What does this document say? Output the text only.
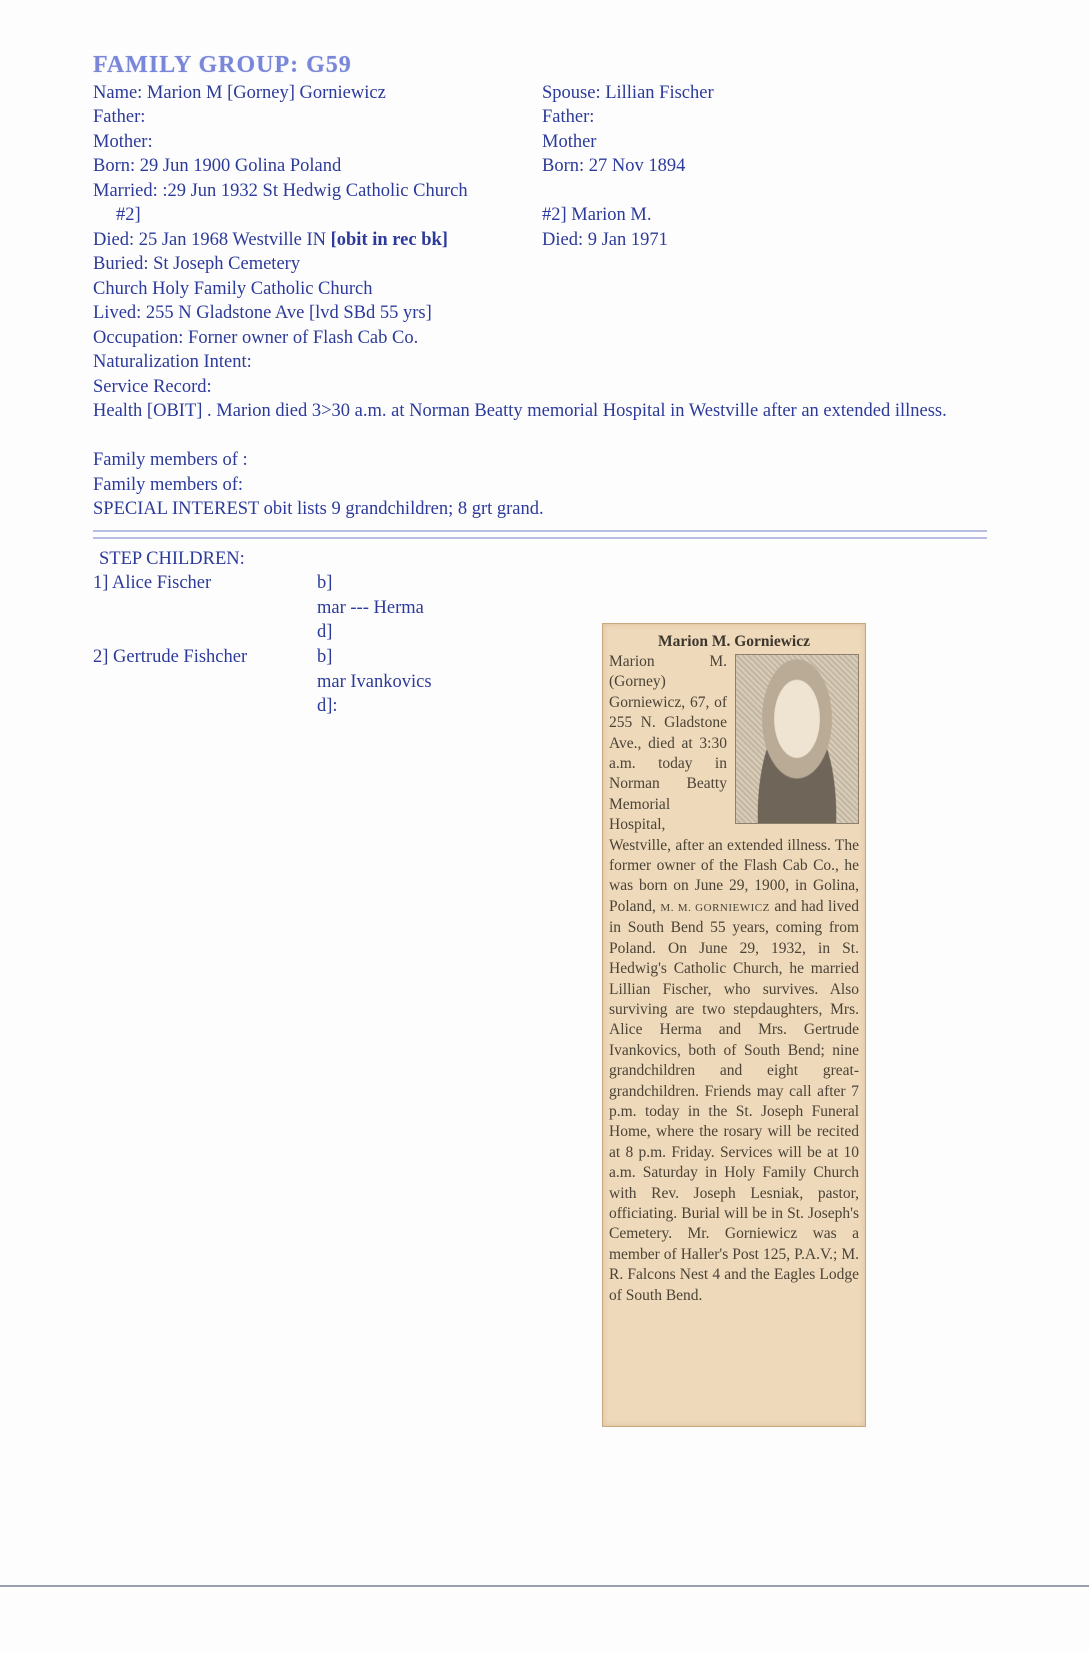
FAMILY GROUP: G59
Name: Marion M [Gorney] Gorniewicz
Father:
Mother:
Born: 29 Jun 1900 Golina Poland
Married: :29 Jun 1932 St Hedwig Catholic Church
#2]
Died: 25 Jan 1968 Westville IN [obit in rec bk]
Buried: St Joseph Cemetery
Church Holy Family Catholic Church
Lived: 255 N Gladstone Ave [lvd SBd 55 yrs]
Occupation: Forner owner of Flash Cab Co.
Naturalization Intent:
Service Record:
Health [OBIT] . Marion died 3>30 a.m. at Norman Beatty memorial Hospital in Westville after an extended illness.
Family members of :
Family members of:
SPECIAL INTEREST obit lists 9 grandchildren; 8 grt grand.
Spouse: Lillian Fischer
Father:
Mother
Born: 27 Nov 1894
#2] Marion M.
Died: 9 Jan 1971
STEP CHILDREN:
1] Alice Fischer	b]
mar --- Herma
d]
2] Gertrude Fishcher	b]
mar Ivankovics
d]:
Marion M. Gorniewicz
Marion M. (Gorney) Gorniewicz, 67, of 255 N. Gladstone Ave., died at 3:30 a.m. today in Norman Beatty Memorial Hospital, Westville, after an extended illness. The former owner of the Flash Cab Co., he was born on June 29, 1900, in Golina, Poland, M. M. GORNIEWICZ and had lived in South Bend 55 years, coming from Poland. On June 29, 1932, in St. Hedwig's Catholic Church, he married Lillian Fischer, who survives. Also surviving are two stepdaughters, Mrs. Alice Herma and Mrs. Gertrude Ivankovics, both of South Bend; nine grandchildren and eight great-grandchildren. Friends may call after 7 p.m. today in the St. Joseph Funeral Home, where the rosary will be recited at 8 p.m. Friday. Services will be at 10 a.m. Saturday in Holy Family Church with Rev. Joseph Lesniak, pastor, officiating. Burial will be in St. Joseph's Cemetery. Mr. Gorniewicz was a member of Haller's Post 125, P.A.V.; M. R. Falcons Nest 4 and the Eagles Lodge of South Bend.
